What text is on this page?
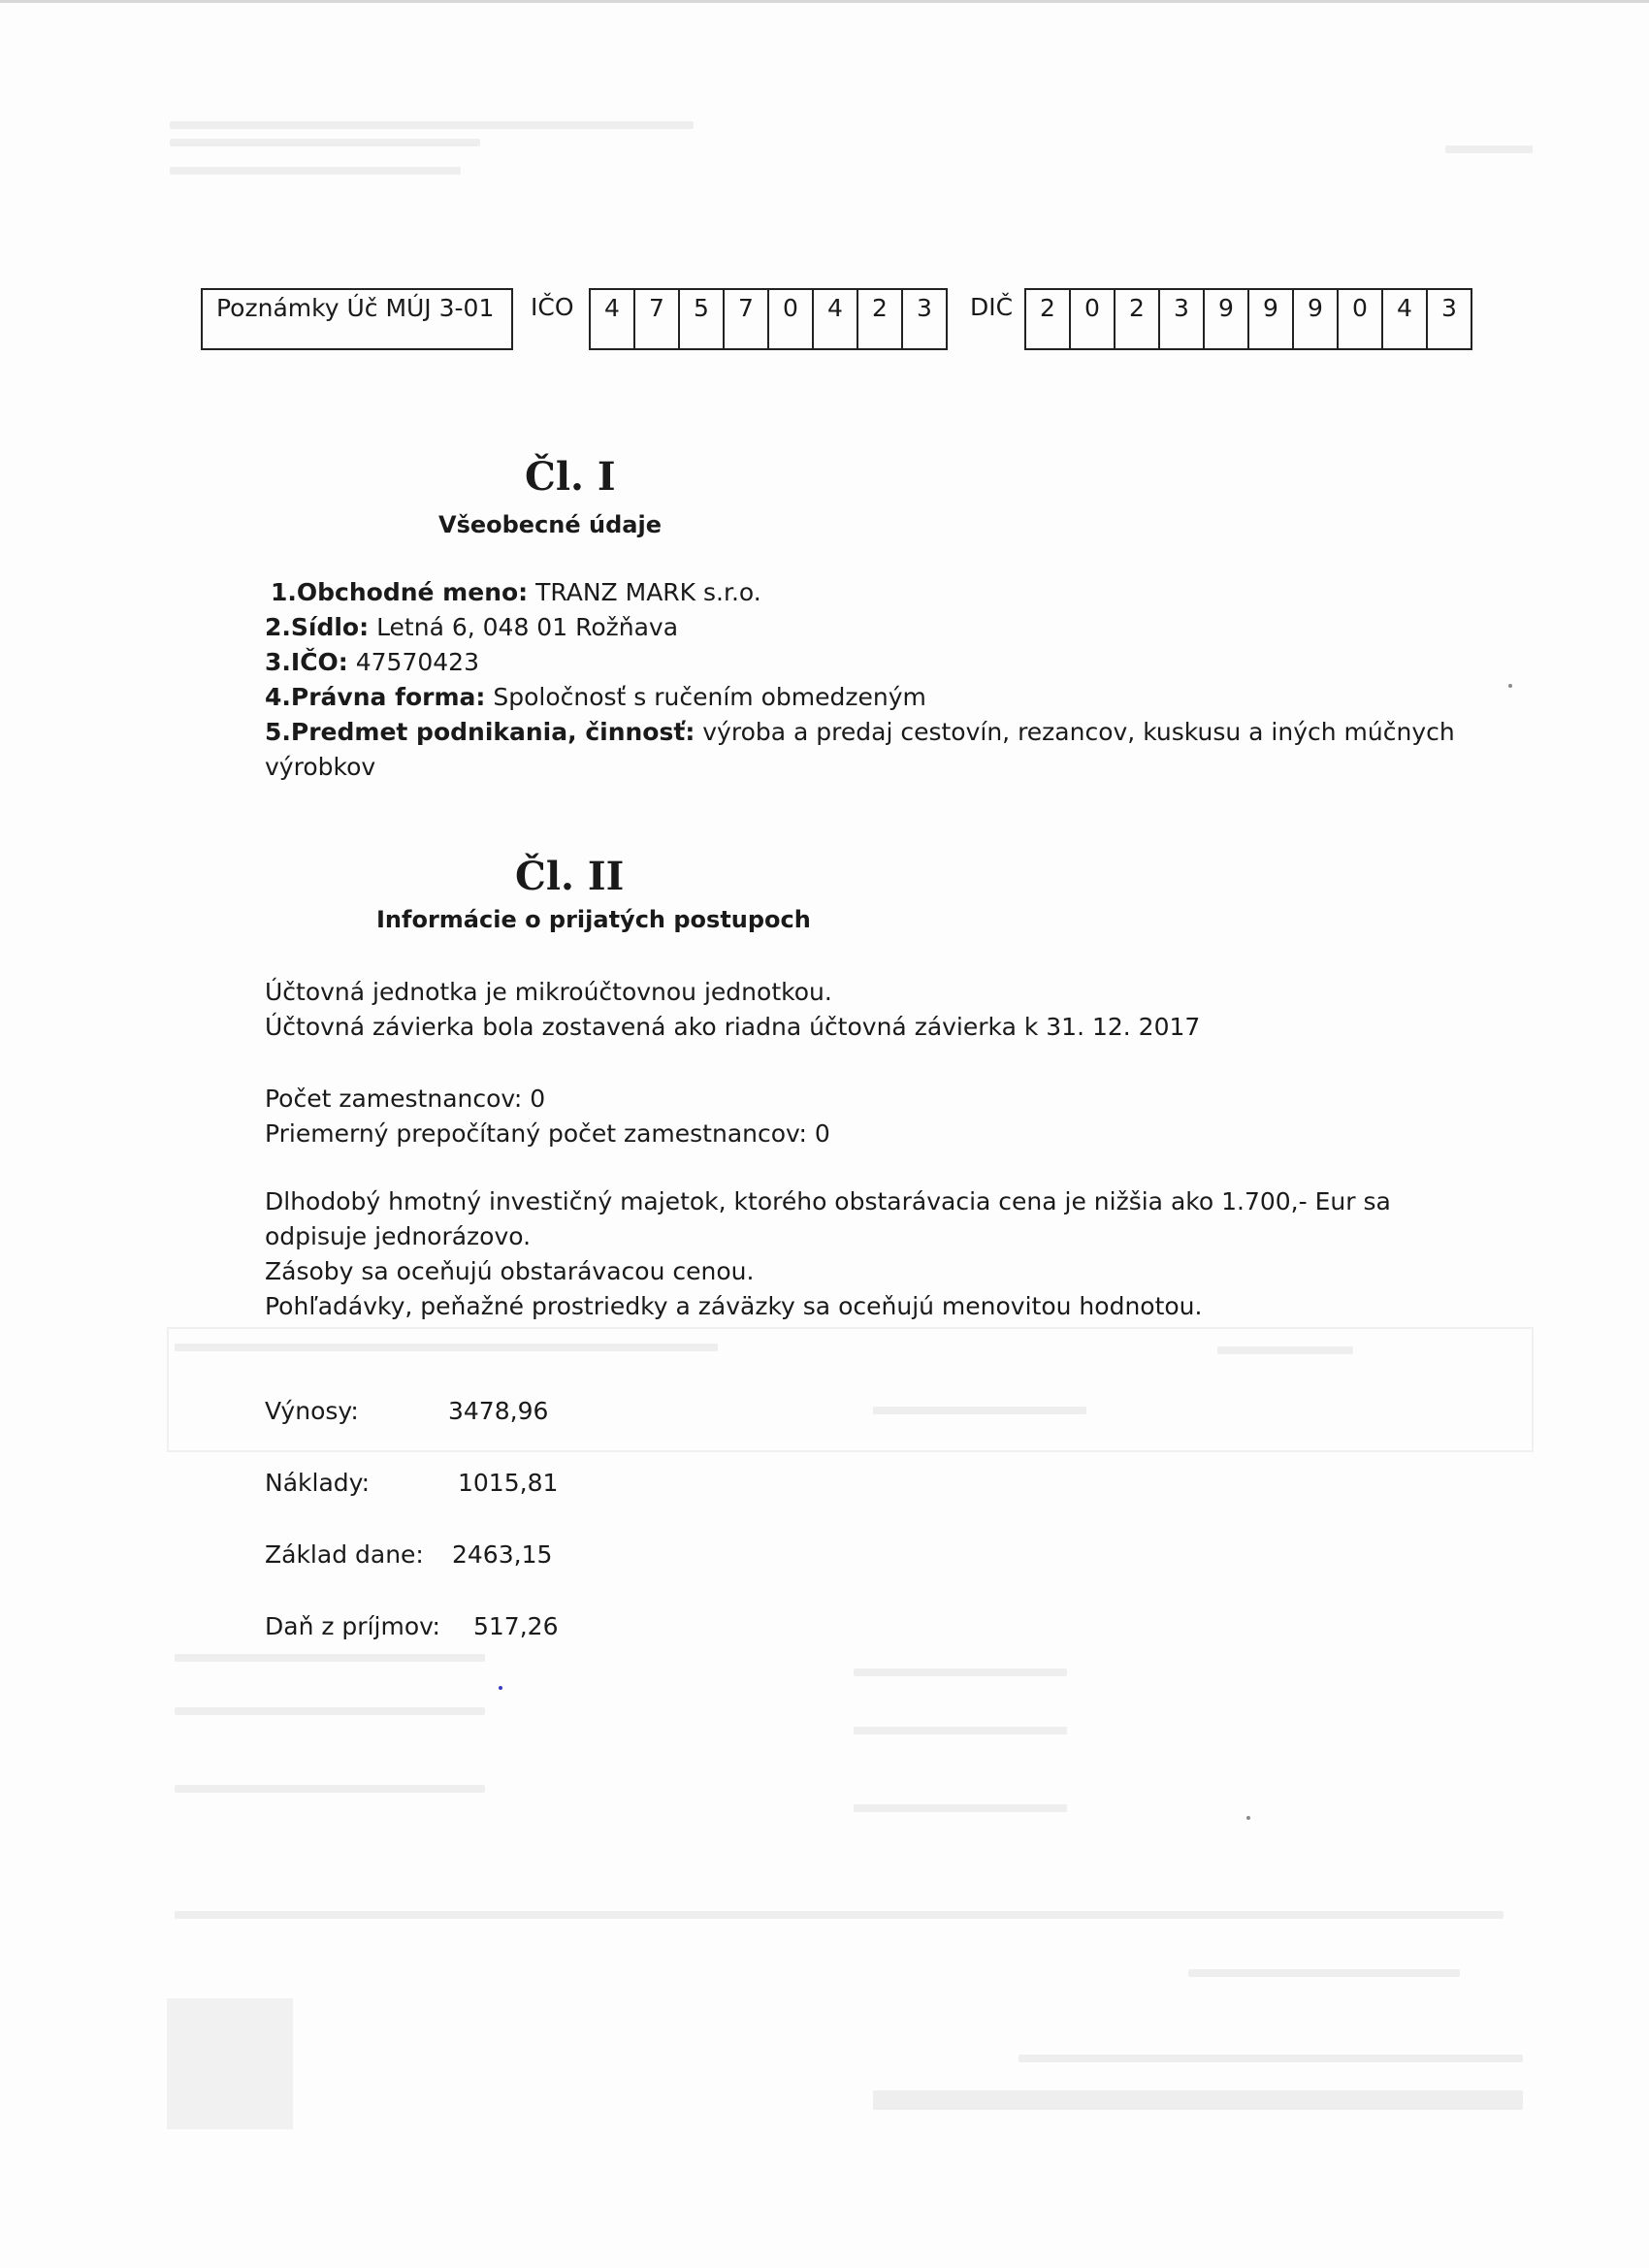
Poznámky Úč MÚJ 3-01	IČO	4	7	5	7	0	4	2	3	DIČ	2	0	2	3	9	9	9	0	4	3
Čl. I
Všeobecné údaje
1.Obchodné meno: TRANZ MARK s.r.o.
2.Sídlo: Letná 6, 048 01 Rožňava
3.IČO: 47570423
4.Právna forma: Spoločnosť s ručením obmedzeným
5.Predmet podnikania, činnosť: výroba a predaj cestovín, rezancov, kuskusu a iných múčnych
výrobkov
Čl. II
Informácie o prijatých postupoch
Účtovná jednotka je mikroúčtovnou jednotkou.
Účtovná závierka bola zostavená ako riadna účtovná závierka k 31. 12. 2017
Počet zamestnancov: 0
Priemerný prepočítaný počet zamestnancov: 0
Dlhodobý hmotný investičný majetok, ktorého obstarávacia cena je nižšia ako 1.700,- Eur sa
odpisuje jednorázovo.
Zásoby sa oceňujú obstarávacou cenou.
Pohľadávky, peňažné prostriedky a záväzky sa oceňujú menovitou hodnotou.
Výnosy:	3478,96
Náklady:	1015,81
Základ dane: 2463,15
Daň z príjmov: 517,26
